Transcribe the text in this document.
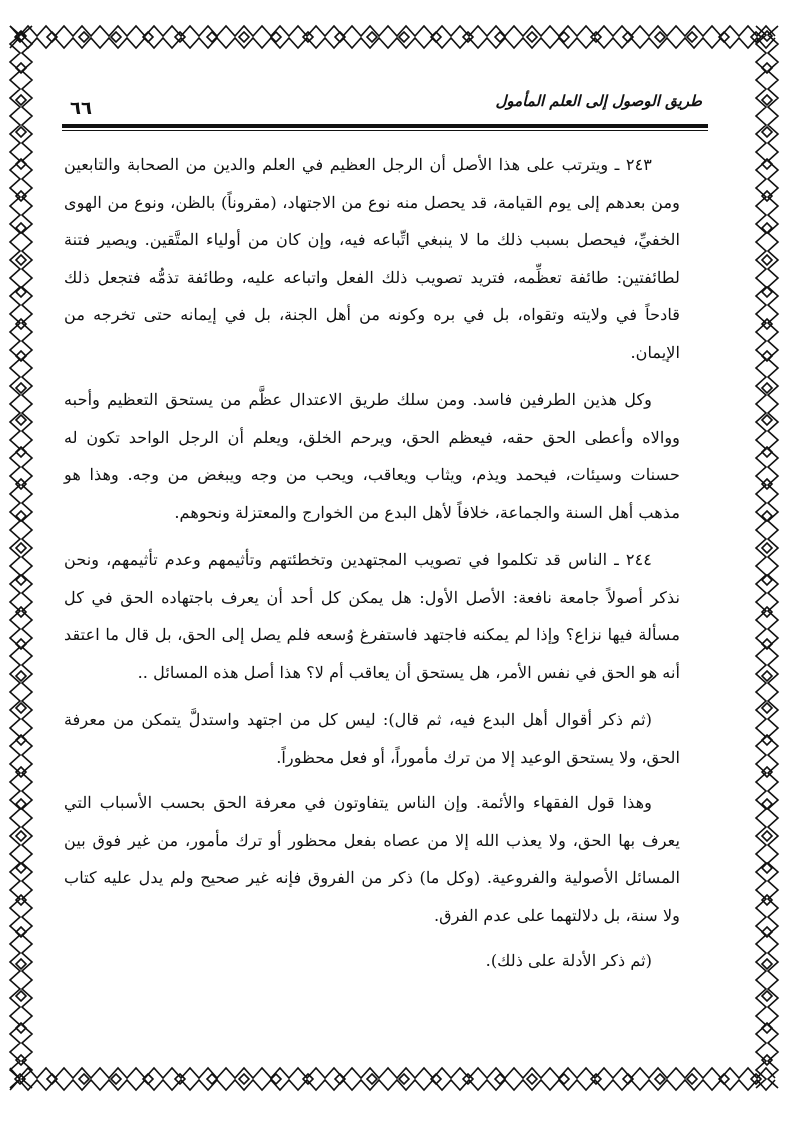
طريق الوصول إلى العلم المأمول
٦٦

٢٤٣ ـ ويترتب على هذا الأصل أن الرجل العظيم في العلم والدين من الصحابة والتابعين ومن بعدهم إلى يوم القيامة، قد يحصل منه نوع من الاجتهاد، (مقروناً) بالظن، ونوع من الهوى الخفيِّ، فيحصل بسبب ذلك ما لا ينبغي اتِّباعه فيه، وإن كان من أولياء المتَّقين. ويصير فتنة لطائفتين: طائفة تعظِّمه، فتريد تصويب ذلك الفعل واتباعه عليه، وطائفة تذمُّه فتجعل ذلك قادحاً في ولايته وتقواه، بل في بره وكونه من أهل الجنة، بل في إيمانه حتى تخرجه من الإيمان.

وكل هذين الطرفين فاسد. ومن سلك طريق الاعتدال عظَّم من يستحق التعظيم وأحبه ووالاه وأعطى الحق حقه، فيعظم الحق، ويرحم الخلق، ويعلم أن الرجل الواحد تكون له حسنات وسيئات، فيحمد ويذم، ويثاب ويعاقب، ويحب من وجه ويبغض من وجه. وهذا هو مذهب أهل السنة والجماعة، خلافاً لأهل البدع من الخوارج والمعتزلة ونحوهم.

٢٤٤ ـ الناس قد تكلموا في تصويب المجتهدين وتخطئتهم وتأثيمهم وعدم تأثيمهم، ونحن نذكر أصولاً جامعة نافعة: الأصل الأول: هل يمكن كل أحد أن يعرف باجتهاده الحق في كل مسألة فيها نزاع؟ وإذا لم يمكنه فاجتهد فاستفرغ وُسعه فلم يصل إلى الحق، بل قال ما اعتقد أنه هو الحق في نفس الأمر، هل يستحق أن يعاقب أم لا؟ هذا أصل هذه المسائل ..

(ثم ذكر أقوال أهل البدع فيه، ثم قال): ليس كل من اجتهد واستدلَّ يتمكن من معرفة الحق، ولا يستحق الوعيد إلا من ترك مأموراً، أو فعل محظوراً.

وهذا قول الفقهاء والأئمة. وإن الناس يتفاوتون في معرفة الحق بحسب الأسباب التي يعرف بها الحق، ولا يعذب الله إلا من عصاه بفعل محظور أو ترك مأمور، من غير فوق بين المسائل الأصولية والفروعية. (وكل ما) ذكر من الفروق فإنه غير صحيح ولم يدل عليه كتاب ولا سنة، بل دلالتهما على عدم الفرق.

(ثم ذكر الأدلة على ذلك).
